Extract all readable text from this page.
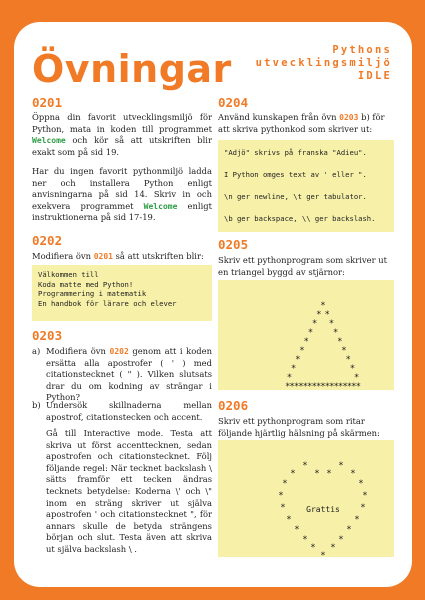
Övningar	Pythons
utvecklingsmiljö
IDLE
0201

Öppna din favorit utvecklingsmiljö för Python, mata in koden till programmet Welcome och kör så att utskriften blir exakt som på sid 19.

Har du ingen favorit pythonmiljö ladda ner och installera Python enligt anvisningarna på sid 14. Skriv in och exekvera programmet Welcome enligt instruktionerna på sid 17-19.

0202

Modifiera övn 0201 så att utskriften blir:

Välkommen till
Koda matte med Python!
Programmering i matematik
En handbok för lärare och elever
0203
a) Modifiera övn 0202 genom att i koden ersätta alla apostrofer ( ' ) med citationstecknet ( " ). Vilken slutsats drar du om kodning av strängar i Python?
b) Undersök skillnaderna mellan apostrof, citationstecken och accent.

Gå till Interactive mode. Testa att skriva ut först accenttecknen, sedan apostrofen och citationstecknet. Följ följande regel: När tecknet backslash \ sätts framför ett tecken ändras tecknets betydelse: Koderna \' och \" inom en sträng skriver ut själva apostrofen ' och citationstecknet ", för annars skulle de betyda strängens början och slut. Testa även att skriva ut själva backslash \ .

0204

Använd kunskapen från övn 0203 b) för att skriva pythonkod som skriver ut:

"Adjö" skrivs på franska "Adieu".
I Python omges text av ' eller ".
\n ger newline, \t ger tabulator.
\b ger backspace, \\ ger backslash.
0205

Skriv ett pythonprogram som skriver ut en triangel byggd av stjärnor:

*
* *
* *
* *
*	*
*	*
*	*
*	*
*	*
*
*
*
*
*
*
*
*
*
*
*
*
*
*
*
*
*

0206

Skriv ett pythonprogram som ritar följande hjärtlig hälsning på skärmen:

Grattis
*	*
* * * *
*	*
*	*
*	*
*	*
*	*
*	*
* *
*
